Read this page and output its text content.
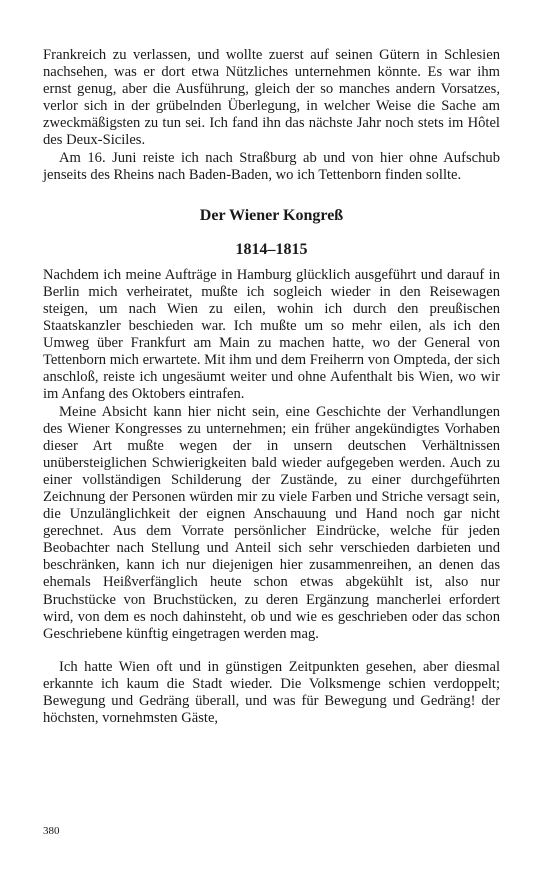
Frankreich zu verlassen, und wollte zuerst auf seinen Gütern in Schlesien nachsehen, was er dort etwa Nützliches unternehmen könnte. Es war ihm ernst genug, aber die Ausführung, gleich der so manches andern Vorsatzes, verlor sich in der grübelnden Überlegung, in welcher Weise die Sache am zweckmäßigsten zu tun sei. Ich fand ihn das nächste Jahr noch stets im Hôtel des Deux-Siciles.

Am 16. Juni reiste ich nach Straßburg ab und von hier ohne Aufschub jenseits des Rheins nach Baden-Baden, wo ich Tettenborn finden sollte.

Der Wiener Kongreß
1814–1815

Nachdem ich meine Aufträge in Hamburg glücklich ausgeführt und darauf in Berlin mich verheiratet, mußte ich sogleich wieder in den Reisewagen steigen, um nach Wien zu eilen, wohin ich durch den preußischen Staatskanzler beschieden war. Ich mußte um so mehr eilen, als ich den Umweg über Frankfurt am Main zu machen hatte, wo der General von Tettenborn mich erwartete. Mit ihm und dem Freiherrn von Ompteda, der sich anschloß, reiste ich ungesäumt weiter und ohne Aufenthalt bis Wien, wo wir im Anfang des Oktobers eintrafen.

Meine Absicht kann hier nicht sein, eine Geschichte der Verhandlungen des Wiener Kongresses zu unternehmen; ein früher angekündigtes Vorhaben dieser Art mußte wegen der in unsern deutschen Verhältnissen unübersteiglichen Schwierigkeiten bald wieder aufgegeben werden. Auch zu einer vollständigen Schilderung der Zustände, zu einer durchgeführten Zeichnung der Personen würden mir zu viele Farben und Striche versagt sein, die Unzulänglichkeit der eignen Anschauung und Hand noch gar nicht gerechnet. Aus dem Vorrate persönlicher Eindrücke, welche für jeden Beobachter nach Stellung und Anteil sich sehr verschieden darbieten und beschränken, kann ich nur diejenigen hier zusammenreihen, an denen das ehemals Heißverfänglich heute schon etwas abgekühlt ist, also nur Bruchstücke von Bruchstücken, zu deren Ergänzung mancherlei erfordert wird, von dem es noch dahinsteht, ob und wie es geschrieben oder das schon Geschriebene künftig eingetragen werden mag.

Ich hatte Wien oft und in günstigen Zeitpunkten gesehen, aber diesmal erkannte ich kaum die Stadt wieder. Die Volksmenge schien verdoppelt; Bewegung und Gedräng überall, und was für Bewegung und Gedräng! der höchsten, vornehmsten Gäste,

380
